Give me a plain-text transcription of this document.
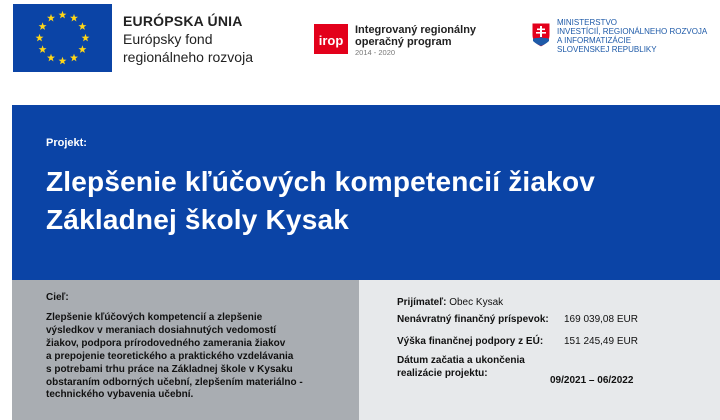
EURÓPSKA ÚNIA
Európsky fond
regionálneho rozvoja
irop
Integrovaný regionálny
operačný program
2014 - 2020
MINISTERSTVO
INVESTÍCIÍ, REGIONÁLNEHO ROZVOJA
A INFORMATIZÁCIE
SLOVENSKEJ REPUBLIKY
Projekt:
Zlepšenie kľúčových kompetencií žiakov
Základnej školy Kysak
Cieľ:
Zlepšenie kľúčových kompetencií a zlepšenie
výsledkov v meraniach dosiahnutých vedomostí
žiakov, podpora prírodovedného zamerania žiakov
a prepojenie teoretického a praktického vzdelávania
s potrebami trhu práce na Základnej škole v Kysaku
obstaraním odborných učební, zlepšením materiálno -
technického vybavenia učební.
Prijímateľ: Obec Kysak
Nenávratný finančný príspevok: 169 039,08 EUR
Výška finančnej podpory z EÚ: 151 245,49 EUR
Dátum začatia a ukončenia
realizácie projektu:
09/2021 – 06/2022
